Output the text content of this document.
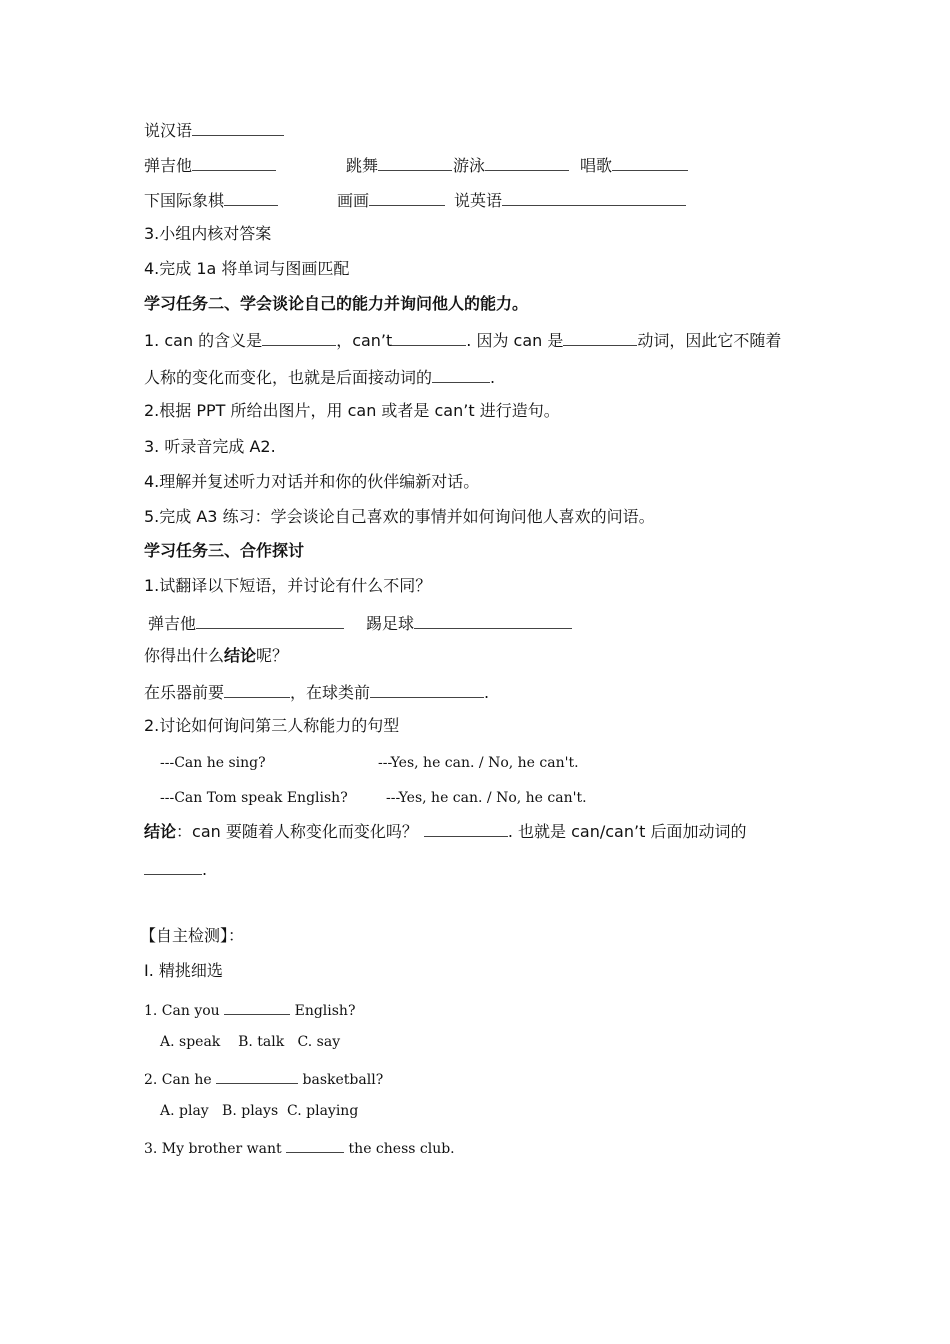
说汉语
弹吉他	跳舞	游泳	唱歌
下国际象棋	画画	说英语
3.小组内核对答案
4.完成 1a 将单词与图画匹配
学习任务二、学会谈论自己的能力并询问他人的能力。
1. can 的含义是	，can’t	. 因为 can 是	动词，因此它不随着
人称的变化而变化，也就是后面接动词的	.
2.根据 PPT 所给出图片，用 can 或者是 can’t 进行造句。
3. 听录音完成 A2.
4.理解并复述听力对话并和你的伙伴编新对话。
5.完成 A3 练习：学会谈论自己喜欢的事情并如何询问他人喜欢的问语。
学习任务三、合作探讨
1.试翻译以下短语，并讨论有什么不同？
弹吉他	踢足球
你得出什么结论呢？
在乐器前要	，在球类前	.
2.讨论如何询问第三人称能力的句型
---Can he sing?	---Yes, he can. / No, he can't.
---Can Tom speak English?	---Yes, he can. / No, he can't.
结论：can 要随着人称变化而变化吗？	. 也就是 can/can’t 后面加动词的
.
【自主检测】：
I. 精挑细选
1. Can you	English?
A. speak    B. talk   C. say
2. Can he	basketball?
A. play   B. plays  C. playing
3. My brother want	the chess club.
